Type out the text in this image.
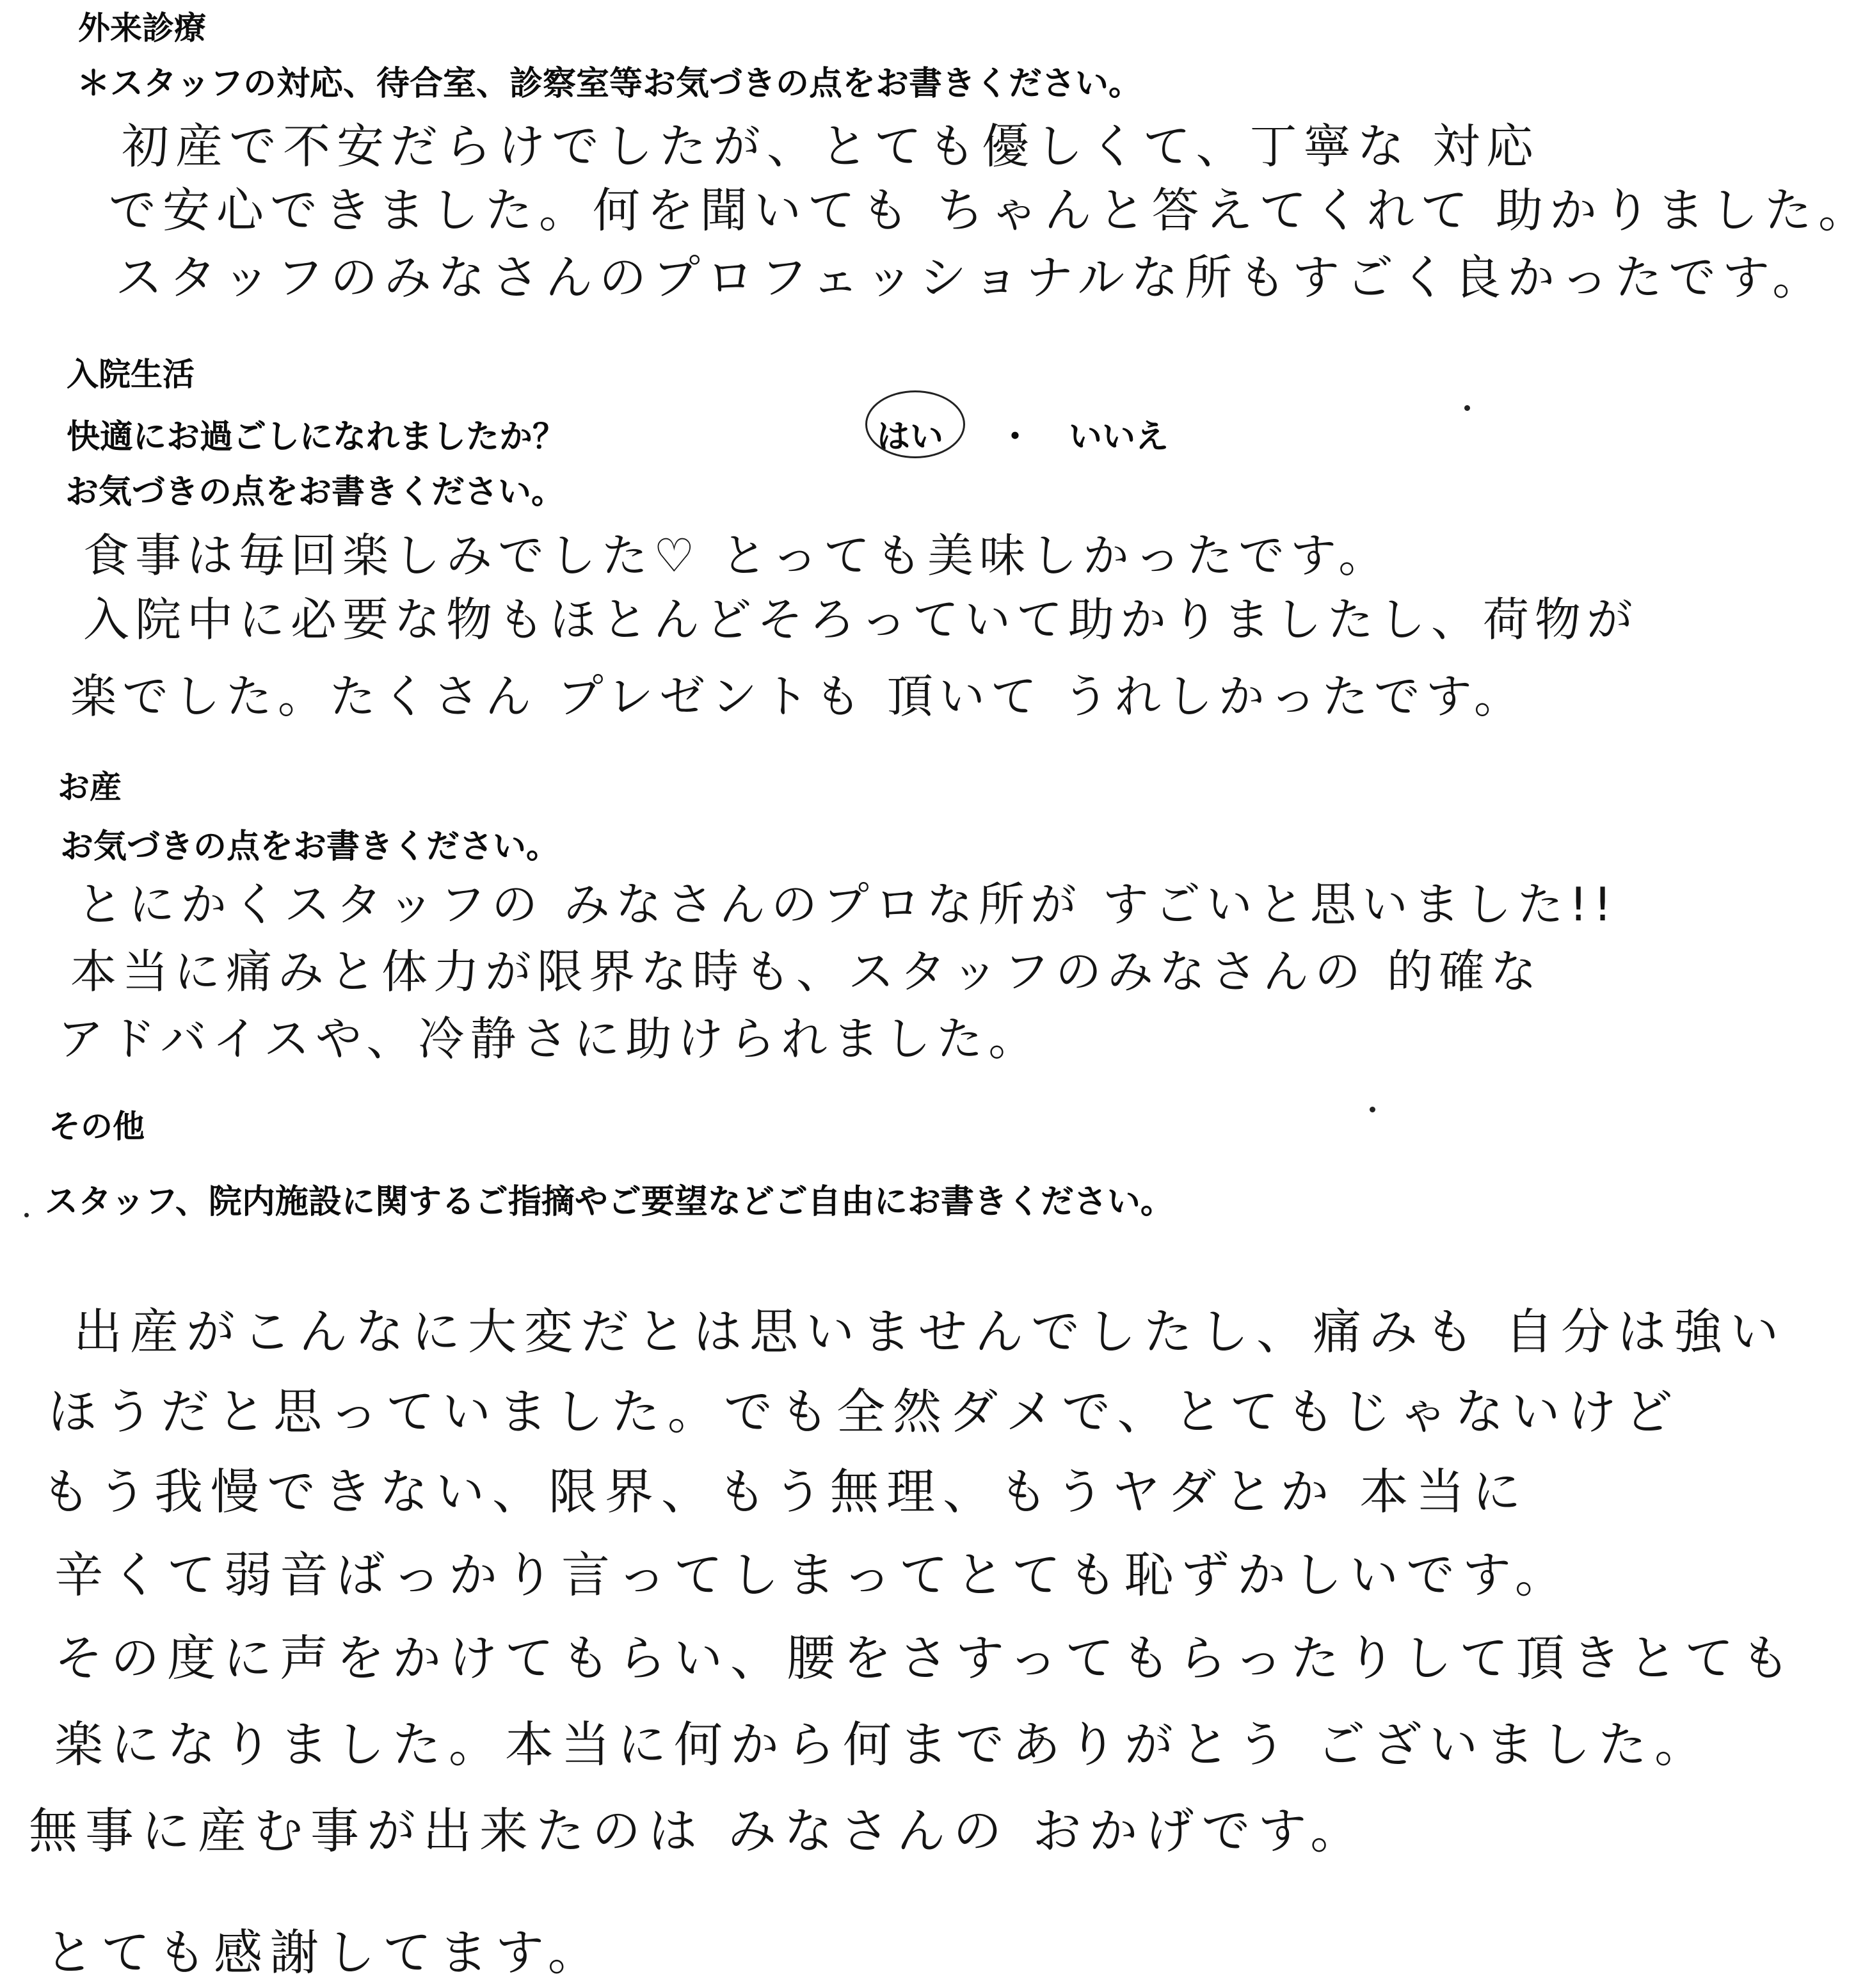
外来診療
＊スタッフの対応、待合室、診察室等お気づきの点をお書きください。
初産で不安だらけでしたが、とても優しくて、丁寧な 対応
で安心できました。何を聞いても ちゃんと答えてくれて 助かりました。
スタッフのみなさんのプロフェッショナルな所もすごく良かったです。
入院生活
快適にお過ごしになれましたか？	はい ・ いいえ
お気づきの点をお書きください。
食事は毎回楽しみでした♡ とっても美味しかったです。
入院中に必要な物もほとんどそろっていて助かりましたし、荷物が
楽でした。たくさん プレゼントも 頂いて うれしかったです。
お産
お気づきの点をお書きください。
とにかくスタッフの みなさんのプロな所が すごいと思いました!!
本当に痛みと体力が限界な時も、スタッフのみなさんの 的確な
アドバイスや、冷静さに助けられました。
その他
スタッフ、院内施設に関するご指摘やご要望などご自由にお書きください。
出産がこんなに大変だとは思いませんでしたし、痛みも 自分は強い
ほうだと思っていました。でも全然ダメで、とてもじゃないけど
もう我慢できない、限界、もう無理、もうヤダとか 本当に
辛くて弱音ばっかり言ってしまってとても恥ずかしいです。
その度に声をかけてもらい、腰をさすってもらったりして頂きとても
楽になりました。本当に何から何までありがとう ございました。
無事に産む事が出来たのは みなさんの おかげです。
とても感謝してます。
